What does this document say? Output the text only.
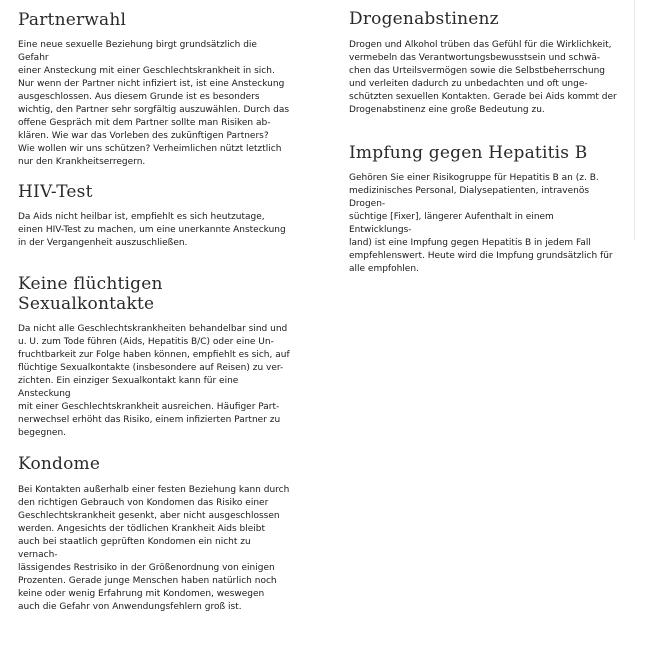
Partnerwahl

Eine neue sexuelle Beziehung birgt grundsätzlich die Gefahr
einer Ansteckung mit einer Geschlechtskrankheit in sich.
Nur wenn der Partner nicht infiziert ist, ist eine Ansteckung
ausgeschlossen. Aus diesem Grunde ist es besonders
wichtig, den Partner sehr sorgfältig auszuwählen. Durch das
offene Gespräch mit dem Partner sollte man Risiken ab-
klären. Wie war das Vorleben des zukünftigen Partners?
Wie wollen wir uns schützen? Verheimlichen nützt letztlich
nur den Krankheitserregern.

HIV-Test

Da Aids nicht heilbar ist, empfiehlt es sich heutzutage,
einen HIV-Test zu machen, um eine unerkannte Ansteckung
in der Vergangenheit auszuschließen.

Keine flüchtigen
Sexualkontakte

Da nicht alle Geschlechtskrankheiten behandelbar sind und
u. U. zum Tode führen (Aids, Hepatitis B/C) oder eine Un-
fruchtbarkeit zur Folge haben können, empfiehlt es sich, auf
flüchtige Sexualkontakte (insbesondere auf Reisen) zu ver-
zichten. Ein einziger Sexualkontakt kann für eine Ansteckung
mit einer Geschlechtskrankheit ausreichen. Häufiger Part-
nerwechsel erhöht das Risiko, einem infizierten Partner zu
begegnen.

Kondome

Bei Kontakten außerhalb einer festen Beziehung kann durch
den richtigen Gebrauch von Kondomen das Risiko einer
Geschlechtskrankheit gesenkt, aber nicht ausgeschlossen
werden. Angesichts der tödlichen Krankheit Aids bleibt
auch bei staatlich geprüften Kondomen ein nicht zu vernach-
lässigendes Restrisiko in der Größenordnung von einigen
Prozenten. Gerade junge Menschen haben natürlich noch
keine oder wenig Erfahrung mit Kondomen, weswegen
auch die Gefahr von Anwendungsfehlern groß ist.

Drogenabstinenz

Drogen und Alkohol trüben das Gefühl für die Wirklichkeit,
vermebeln das Verantwortungsbewusstsein und schwä-
chen das Urteilsvermögen sowie die Selbstbeherrschung
und verleiten dadurch zu unbedachten und oft unge-
schützten sexuellen Kontakten. Gerade bei Aids kommt der
Drogenabstinenz eine große Bedeutung zu.

Impfung gegen Hepatitis B

Gehören Sie einer Risikogruppe für Hepatitis B an (z. B.
medizinisches Personal, Dialysepatienten, intravenös Drogen-
süchtige [Fixer], längerer Aufenthalt in einem Entwicklungs-
land) ist eine Impfung gegen Hepatitis B in jedem Fall
empfehlenswert. Heute wird die Impfung grundsätzlich für
alle empfohlen.
